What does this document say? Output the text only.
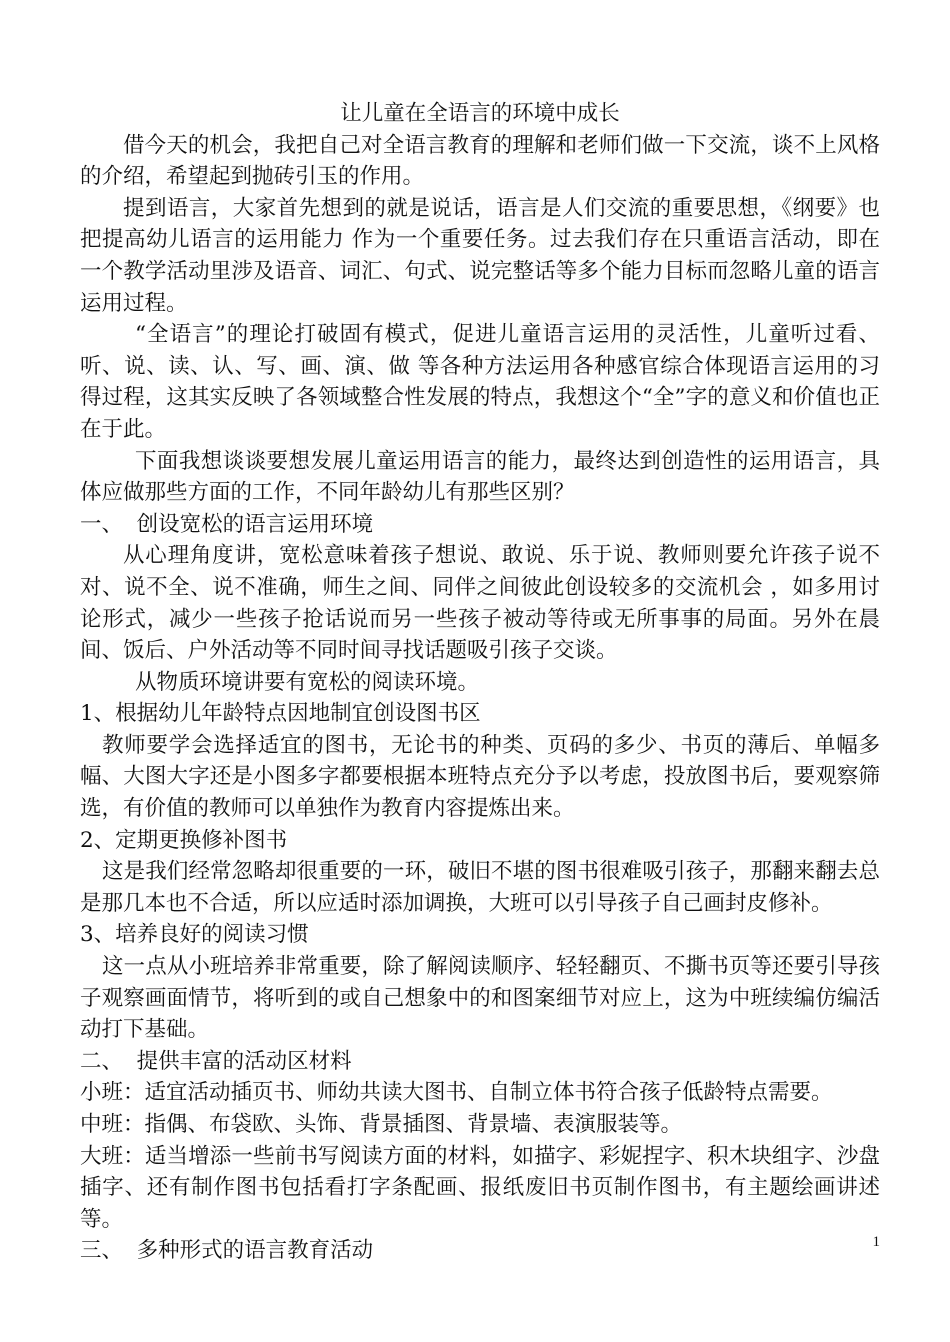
让儿童在全语言的环境中成长

借今天的机会，我把自己对全语言教育的理解和老师们做一下交流，谈不上风格的介绍，希望起到抛砖引玉的作用。

提到语言，大家首先想到的就是说话，语言是人们交流的重要思想，《纲要》也把提高幼儿语言的运用能力 作为一个重要任务。过去我们存在只重语言活动，即在一个教学活动里涉及语音、词汇、句式、说完整话等多个能力目标而忽略儿童的语言运用过程。

“全语言”的理论打破固有模式，促进儿童语言运用的灵活性，儿童听过看、听、说、读、认、写、画、演、做 等各种方法运用各种感官综合体现语言运用的习得过程，这其实反映了各领域整合性发展的特点，我想这个“全”字的意义和价值也正在于此。

下面我想谈谈要想发展儿童运用语言的能力，最终达到创造性的运用语言，具体应做那些方面的工作，不同年龄幼儿有那些区别？

一、  创设宽松的语言运用环境

从心理角度讲，宽松意味着孩子想说、敢说、乐于说、教师则要允许孩子说不对、说不全、说不准确，师生之间、同伴之间彼此创设较多的交流机会 ，如多用讨论形式，减少一些孩子抢话说而另一些孩子被动等待或无所事事的局面。另外在晨间、饭后、户外活动等不同时间寻找话题吸引孩子交谈。

从物质环境讲要有宽松的阅读环境。

1、根据幼儿年龄特点因地制宜创设图书区

教师要学会选择适宜的图书，无论书的种类、页码的多少、书页的薄后、单幅多幅、大图大字还是小图多字都要根据本班特点充分予以考虑，投放图书后，要观察筛选，有价值的教师可以单独作为教育内容提炼出来。

2、定期更换修补图书

这是我们经常忽略却很重要的一环，破旧不堪的图书很难吸引孩子，那翻来翻去总是那几本也不合适，所以应适时添加调换，大班可以引导孩子自己画封皮修补。

3、培养良好的阅读习惯

这一点从小班培养非常重要，除了解阅读顺序、轻轻翻页、不撕书页等还要引导孩子观察画面情节，将听到的或自己想象中的和图案细节对应上，这为中班续编仿编活动打下基础。

二、  提供丰富的活动区材料

小班：适宜活动插页书、师幼共读大图书、自制立体书符合孩子低龄特点需要。

中班：指偶、布袋欧、头饰、背景插图、背景墙、表演服装等。

大班：适当增添一些前书写阅读方面的材料，如描字、彩妮捏字、积木块组字、沙盘插字、还有制作图书包括看打字条配画、报纸废旧书页制作图书，有主题绘画讲述等。

三、  多种形式的语言教育活动	1
